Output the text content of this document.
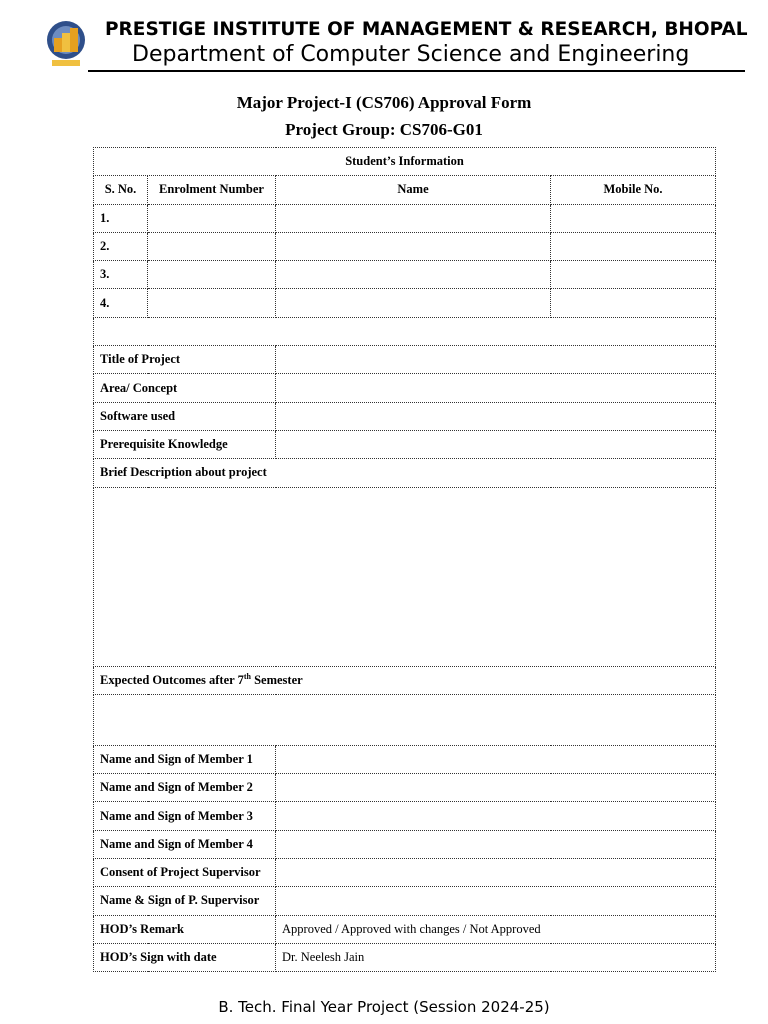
PRESTIGE INSTITUTE OF MANAGEMENT & RESEARCH, BHOPAL
Department of Computer Science and Engineering
Major Project-I (CS706) Approval Form
Project Group: CS706-G01
Student’s Information			
S. No.	Enrolment Number	Name	Mobile No.
1.			
2.			
3.			
4.			

Title of Project			
Area/ Concept			
Software used			
Prerequisite Knowledge			
Brief Description about project			

Expected Outcomes after 7th Semester			

Name and Sign of Member 1			
Name and Sign of Member 2			
Name and Sign of Member 3			
Name and Sign of Member 4			
Consent of Project Supervisor			
Name & Sign of P. Supervisor			
HOD’s Remark		Approved / Approved with changes / Not Approved	
HOD’s Sign with date		Dr. Neelesh Jain	
B. Tech. Final Year Project (Session 2024-25)
